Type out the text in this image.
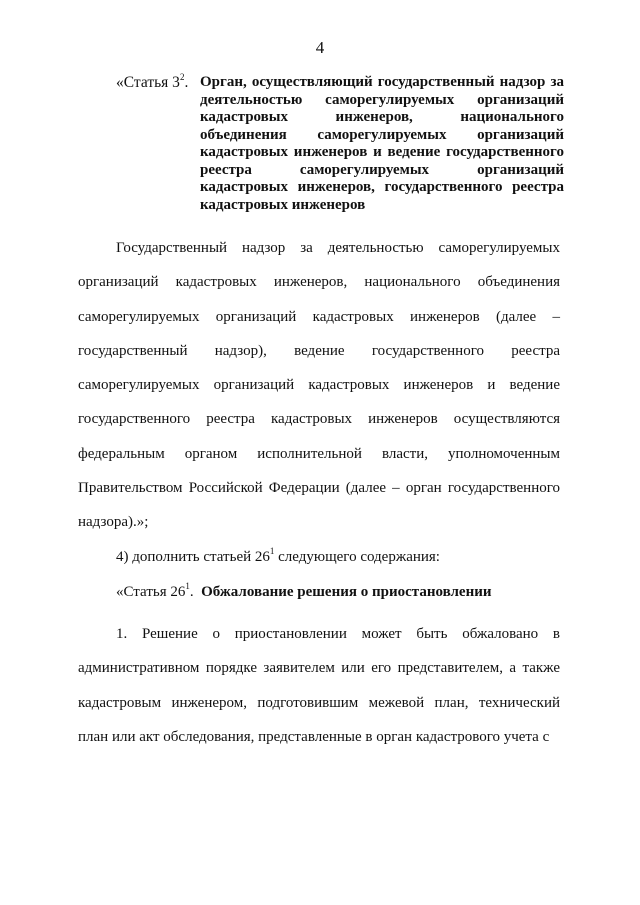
4
«Статья $3^2$. Орган, осуществляющий государственный надзор за деятельностью саморегулируемых организаций кадастровых инженеров, национального объединения саморегулируемых организаций кадастровых инженеров и ведение государственного реестра саморегулируемых организаций кадастровых инженеров, государственного реестра кадастровых инженеров
Государственный надзор за деятельностью саморегулируемых организаций кадастровых инженеров, национального объединения саморегулируемых организаций кадастровых инженеров (далее – государственный надзор), ведение государственного реестра саморегулируемых организаций кадастровых инженеров и ведение государственного реестра кадастровых инженеров осуществляются федеральным органом исполнительной власти, уполномоченным Правительством Российской Федерации (далее – орган государственного надзора).»;
4) дополнить статьей $26^1$ следующего содержания:
«Статья $26^1$. Обжалование решения о приостановлении
1. Решение о приостановлении может быть обжаловано в административном порядке заявителем или его представителем, а также кадастровым инженером, подготовившим межевой план, технический план или акт обследования, представленные в орган кадастрового учета с
